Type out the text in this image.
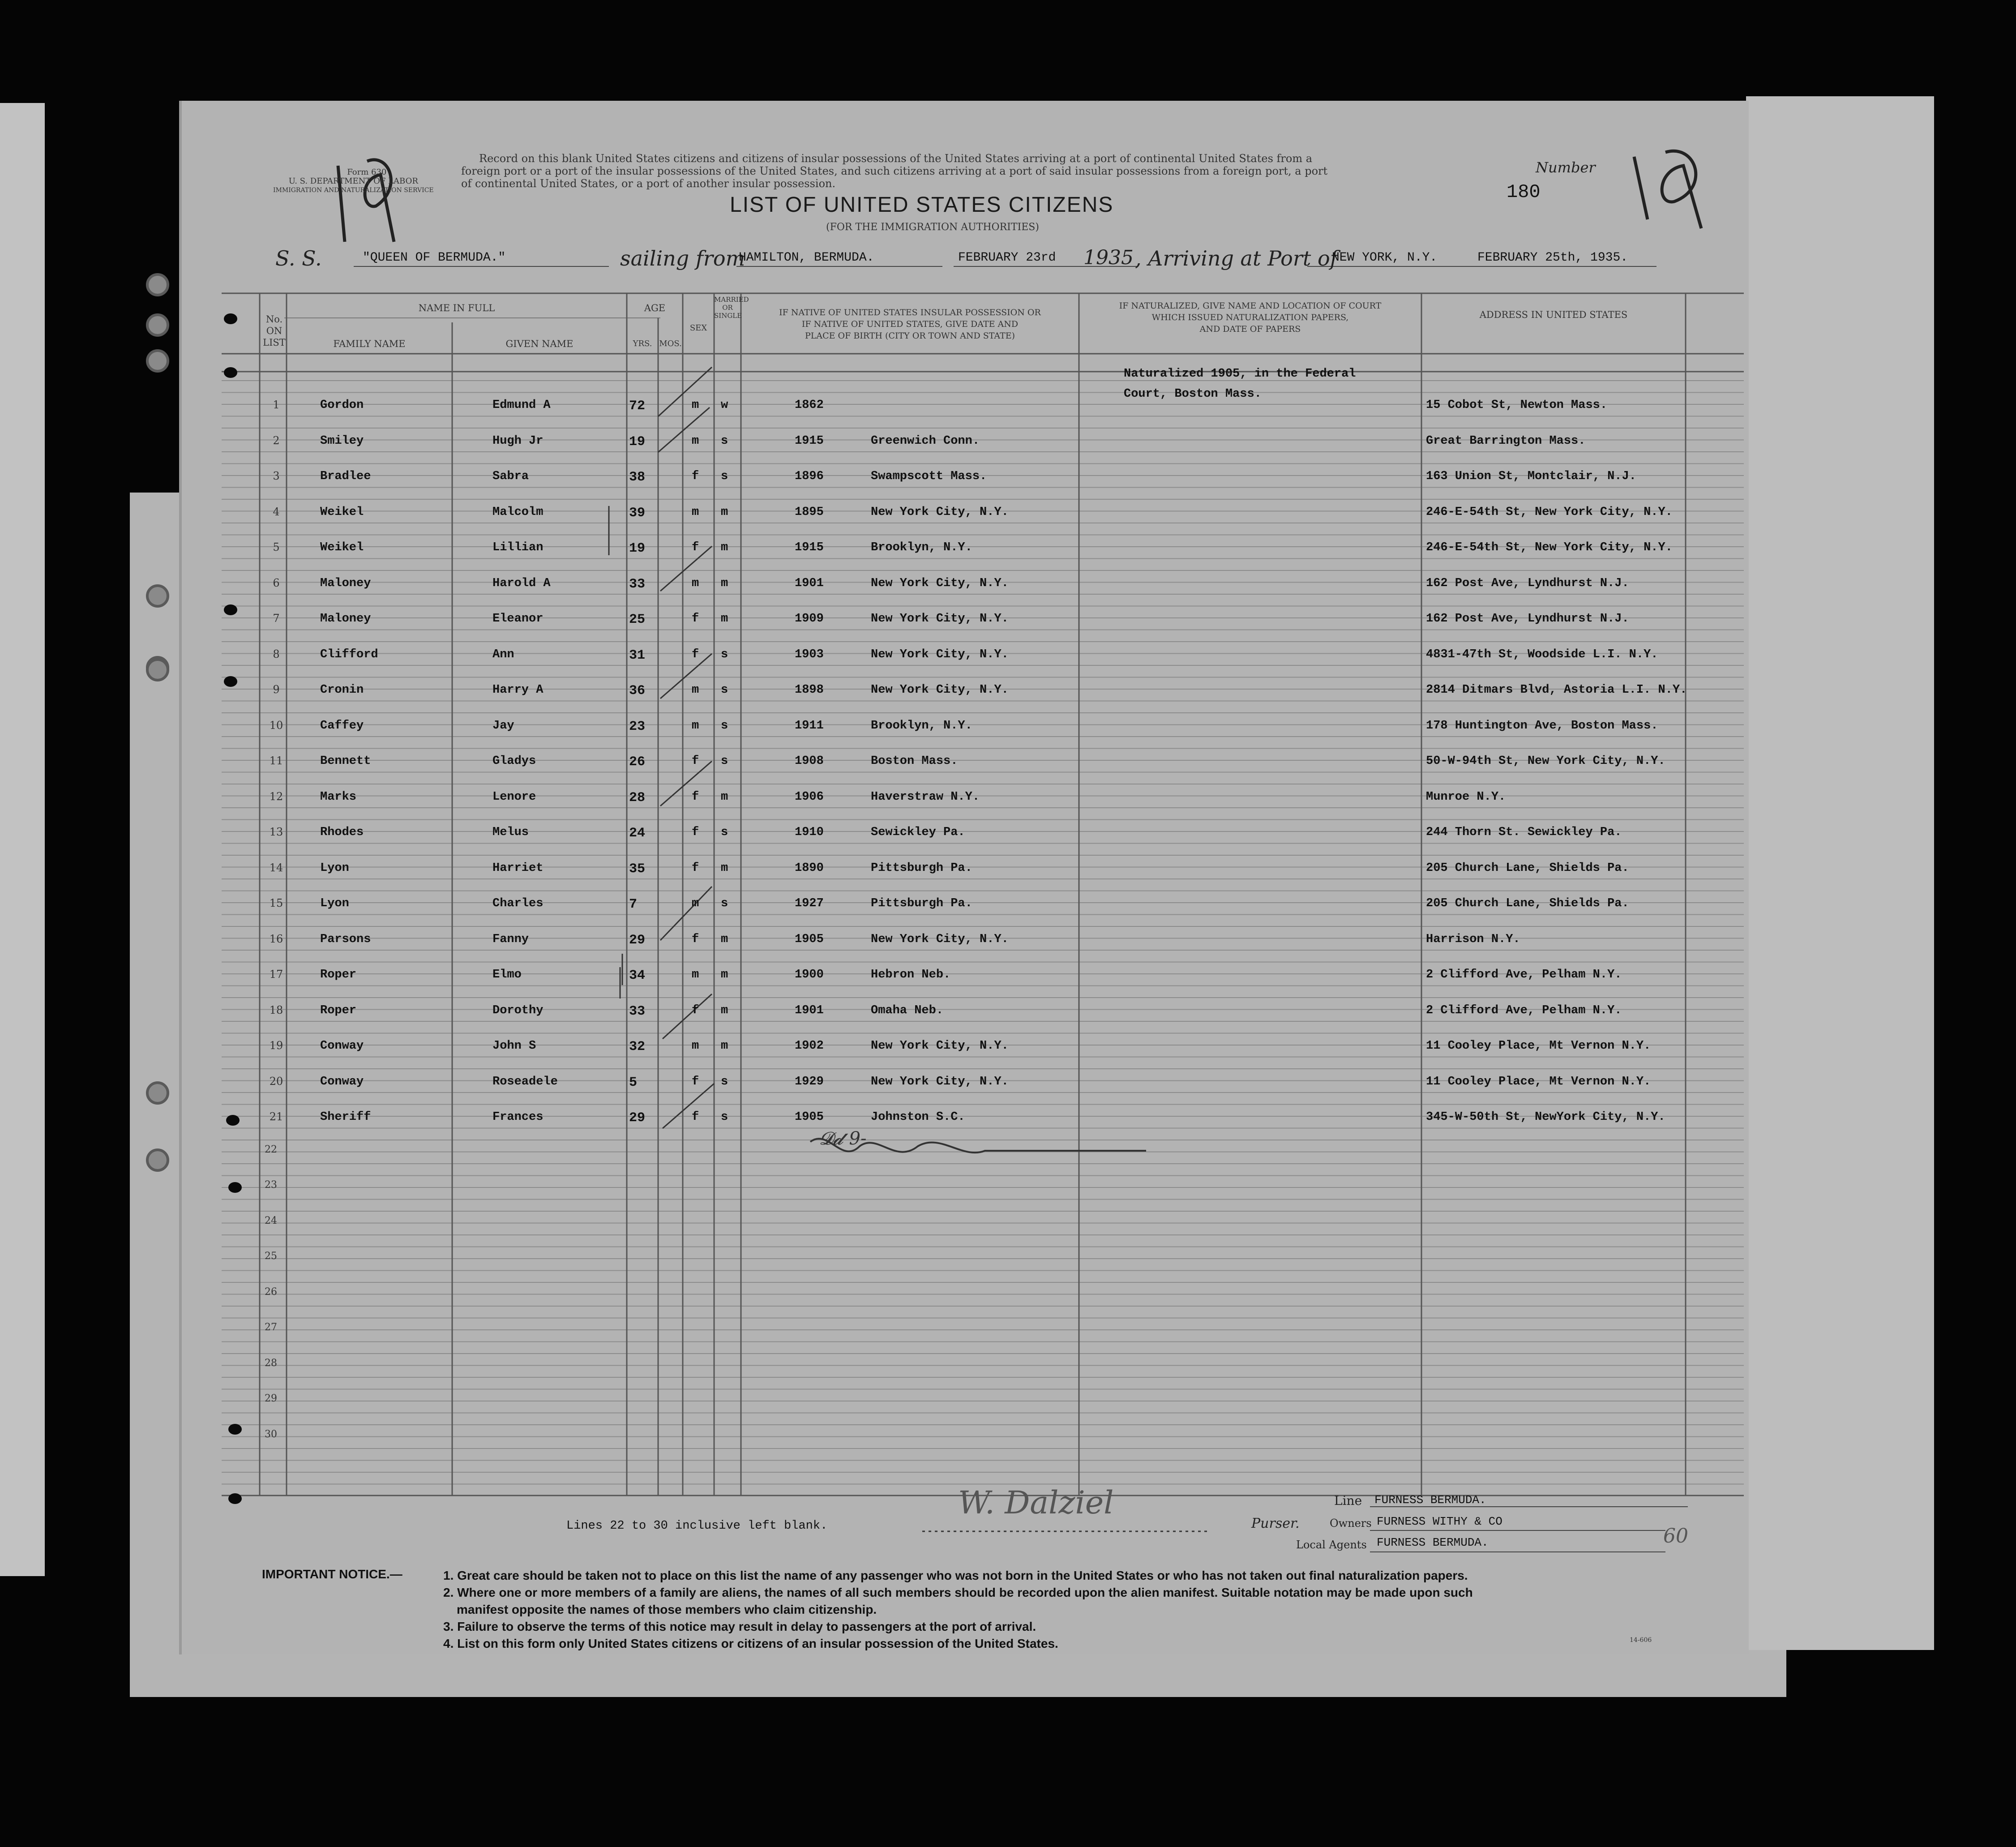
Form 630
U. S. DEPARTMENT OF LABOR
IMMIGRATION AND NATURALIZATION SERVICE
Record on this blank United States citizens and citizens of insular possessions of the United States arriving at a port of continental United States from a
foreign port or a port of the insular possessions of the United States, and such citizens arriving at a port of said insular possessions from a foreign port, a port
of continental United States, or a port of another insular possession.
Number
180
LIST OF UNITED STATES CITIZENS
(FOR THE IMMIGRATION AUTHORITIES)
S. S.	"QUEEN OF BERMUDA."	sailing from
HAMILTON, BERMUDA.	FEBRUARY 23rd 1935 , Arriving at Port of
NEW YORK, N.Y.	FEBRUARY 25th, 1935.
No.
ON
LIST
NAME IN FULL
FAMILY NAME	GIVEN NAME
AGE
YRS. MOS.
SEX
MARRIED OR SINGLE	IF NATIVE OF UNITED STATES INSULAR POSSESSION OR
IF NATIVE OF UNITED STATES, GIVE DATE AND
PLACE OF BIRTH (CITY OR TOWN AND STATE)
IF NATURALIZED, GIVE NAME AND LOCATION OF COURT
WHICH ISSUED NATURALIZATION PAPERS,
AND DATE OF PAPERS
ADDRESS IN UNITED STATES
1	Gordon	Edmund A	72	m w	1862	15 Cobot St, Newton Mass.
Naturalized 1905, in the Federal
Court, Boston Mass.
2	Smiley	Hugh Jr	19	m s	1915	Greenwich Conn.	Great Barrington Mass.
3	Bradlee	Sabra	38	f s	1896	Swampscott Mass.	163 Union St, Montclair, N.J.
4	Weikel	Malcolm	39	m m	1895	New York City, N.Y.	246-E-54th St, New York City, N.Y.
5	Weikel	Lillian	19	f m	1915	Brooklyn, N.Y.	246-E-54th St, New York City, N.Y.
6	Maloney	Harold A	33	m m	1901	New York City, N.Y.	162 Post Ave, Lyndhurst N.J.
7	Maloney	Eleanor	25	f m	1909	New York City, N.Y.	162 Post Ave, Lyndhurst N.J.
8	Clifford	Ann	31	f s	1903	New York City, N.Y.	4831-47th St, Woodside L.I. N.Y.
9	Cronin	Harry A	36	m s	1898	New York City, N.Y.	2814 Ditmars Blvd, Astoria L.I. N.Y.
10	Caffey	Jay	23	m s	1911	Brooklyn, N.Y.	178 Huntington Ave, Boston Mass.
11	Bennett	Gladys	26	f s	1908	Boston Mass.	50-W-94th St, New York City, N.Y.
12	Marks	Lenore	28	f m	1906	Haverstraw N.Y.	Munroe N.Y.
13	Rhodes	Melus	24	f s	1910	Sewickley Pa.	244 Thorn St. Sewickley Pa.
14	Lyon	Harriet	35	f m	1890	Pittsburgh Pa.	205 Church Lane, Shields Pa.
15	Lyon	Charles	7	m s	1927	Pittsburgh Pa.	205 Church Lane, Shields Pa.
16	Parsons	Fanny	29	f m	1905	New York City, N.Y.	Harrison N.Y.
17	Roper	Elmo	34	m m	1900	Hebron Neb.	2 Clifford Ave, Pelham N.Y.
18	Roper	Dorothy	33	f m	1901	Omaha Neb.	2 Clifford Ave, Pelham N.Y.
19	Conway	John S	32	m m	1902	New York City, N.Y.	11 Cooley Place, Mt Vernon N.Y.
20	Conway	Roseadele	5	f s	1929	New York City, N.Y.	11 Cooley Place, Mt Vernon N.Y.
21	Sheriff	Frances	29	f s	1905	Johnston S.C.	345-W-50th St, NewYork City, N.Y.
22
23
24
25
26
27
28
29
30
𝓓𝓭 9-
Lines 22 to 30 inclusive left blank.
W. Dalziel
Purser.
Line FURNESS BERMUDA.
Owners FURNESS WITHY & CO
Local Agents FURNESS BERMUDA.	60
14-606
IMPORTANT NOTICE.—	1. Great care should be taken not to place on this list the name of any passenger who was not born in the United States or who has not taken out final naturalization papers.
2. Where one or more members of a family are aliens, the names of all such members should be recorded upon the alien manifest. Suitable notation may be made upon such
manifest opposite the names of those members who claim citizenship.
3. Failure to observe the terms of this notice may result in delay to passengers at the port of arrival.
4. List on this form only United States citizens or citizens of an insular possession of the United States.
